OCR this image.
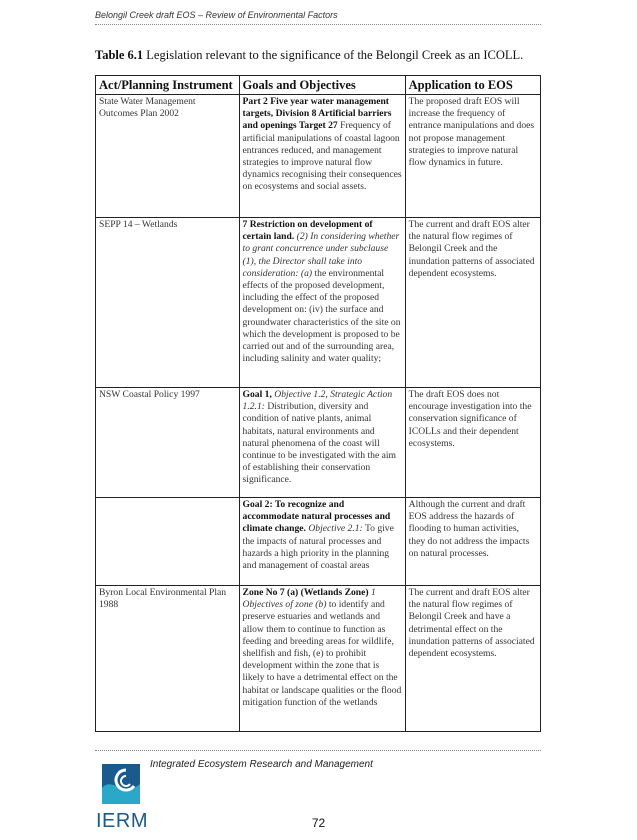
Belongil Creek draft EOS – Review of Environmental Factors
Table 6.1 Legislation relevant to the significance of the Belongil Creek as an ICOLL.
Act/Planning Instrument	Goals and Objectives	Application to EOS
State Water Management Outcomes Plan 2002	Part 2 Five year water management targets, Division 8 Artificial barriers and openings Target 27 Frequency of artificial manipulations of coastal lagoon entrances reduced, and management strategies to improve natural flow dynamics recognising their consequences on ecosystems and social assets.	The proposed draft EOS will increase the frequency of entrance manipulations and does not propose management strategies to improve natural flow dynamics in future.
SEPP 14 – Wetlands	7 Restriction on development of certain land. (2) In considering whether to grant concurrence under subclause (1), the Director shall take into consideration: (a) the environmental effects of the proposed development, including the effect of the proposed development on: (iv) the surface and groundwater characteristics of the site on which the development is proposed to be carried out and of the surrounding area, including salinity and water quality;	The current and draft EOS alter the natural flow regimes of Belongil Creek and the inundation patterns of associated dependent ecosystems.
NSW Coastal Policy 1997	Goal 1, Objective 1.2, Strategic Action 1.2.1: Distribution, diversity and condition of native plants, animal habitats, natural environments and natural phenomena of the coast will continue to be investigated with the aim of establishing their conservation significance.	The draft EOS does not encourage investigation into the conservation significance of ICOLLs and their dependent ecosystems.
	Goal 2: To recognize and accommodate natural processes and climate change. Objective 2.1: To give the impacts of natural processes and hazards a high priority in the planning and management of coastal areas	Although the current and draft EOS address the hazards of flooding to human activities, they do not address the impacts on natural processes.
Byron Local Environmental Plan 1988	Zone No 7 (a) (Wetlands Zone) 1 Objectives of zone (b) to identify and preserve estuaries and wetlands and allow them to continue to function as feeding and breeding areas for wildlife, shellfish and fish, (e) to prohibit development within the zone that is likely to have a detrimental effect on the habitat or landscape qualities or the flood mitigation function of the wetlands	The current and draft EOS alter the natural flow regimes of Belongil Creek and have a detrimental effect on the inundation patterns of associated dependent ecosystems.
IERM
Integrated Ecosystem Research and Management
72
